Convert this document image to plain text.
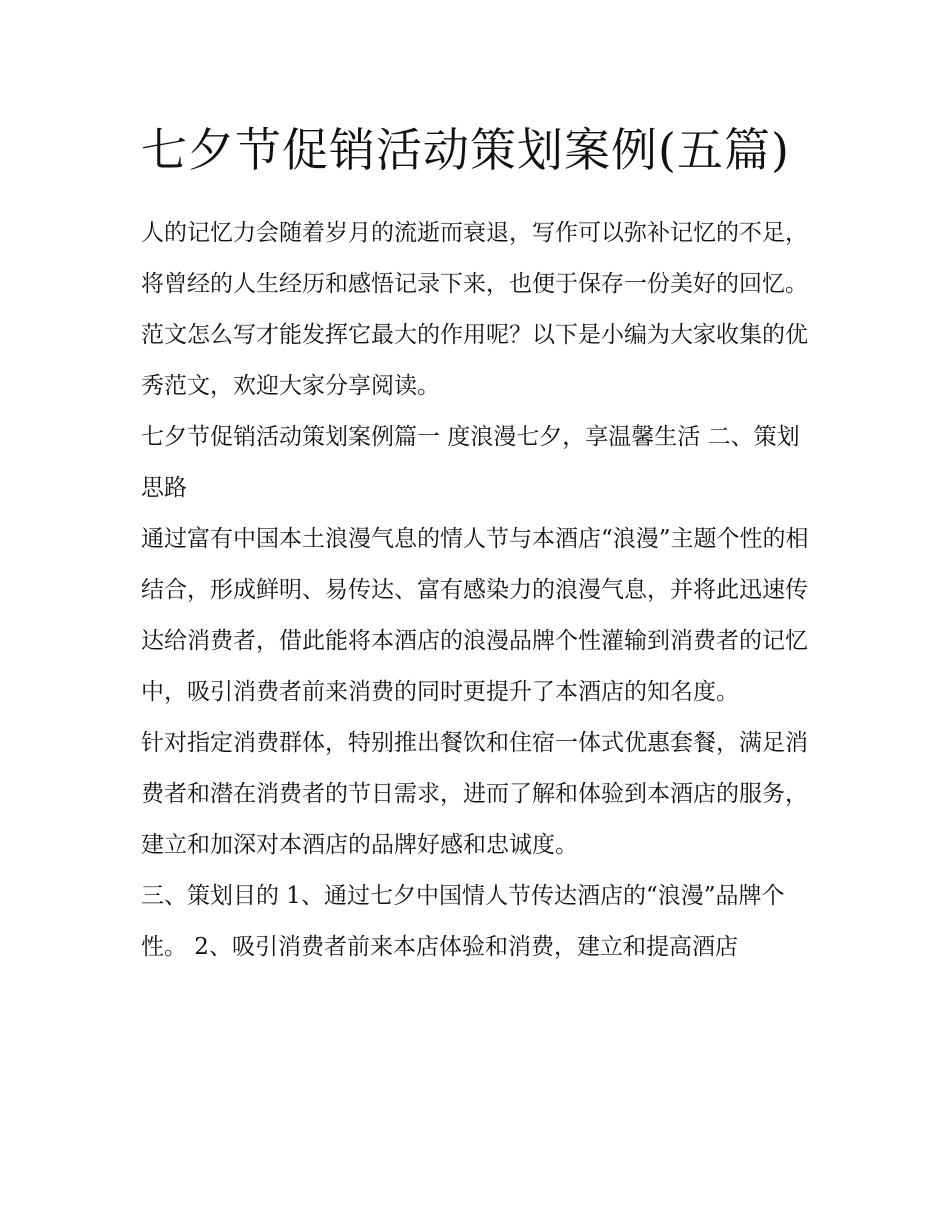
七夕节促销活动策划案例(五篇)

人的记忆力会随着岁月的流逝而衰退，写作可以弥补记忆的不足，将曾经的人生经历和感悟记录下来，也便于保存一份美好的回忆。范文怎么写才能发挥它最大的作用呢？以下是小编为大家收集的优秀范文，欢迎大家分享阅读。

七夕节促销活动策划案例篇一 度浪漫七夕，享温馨生活 二、策划思路

通过富有中国本土浪漫气息的情人节与本酒店“浪漫”主题个性的相结合，形成鲜明、易传达、富有感染力的浪漫气息，并将此迅速传达给消费者，借此能将本酒店的浪漫品牌个性灌输到消费者的记忆中，吸引消费者前来消费的同时更提升了本酒店的知名度。

针对指定消费群体，特别推出餐饮和住宿一体式优惠套餐，满足消费者和潜在消费者的节日需求，进而了解和体验到本酒店的服务，建立和加深对本酒店的品牌好感和忠诚度。

三、策划目的 1、通过七夕中国情人节传达酒店的“浪漫”品牌个性。 2、吸引消费者前来本店体验和消费，建立和提高酒店
